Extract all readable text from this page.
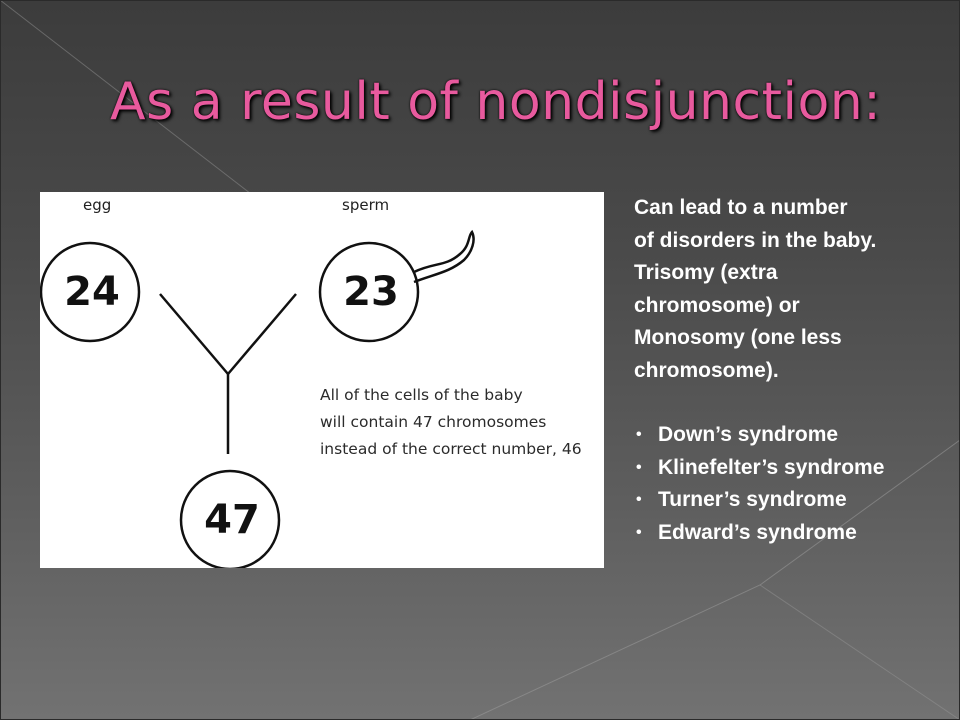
As a result of nondisjunction:
egg	sperm
24	23
47
All of the cells of the baby
will contain 47 chromosomes
instead of the correct number, 46
Can lead to a number
of disorders in the baby.
Trisomy (extra
chromosome) or
Monosomy (one less
chromosome).
• Down’s syndrome
• Klinefelter’s syndrome
• Turner’s syndrome
• Edward’s syndrome
